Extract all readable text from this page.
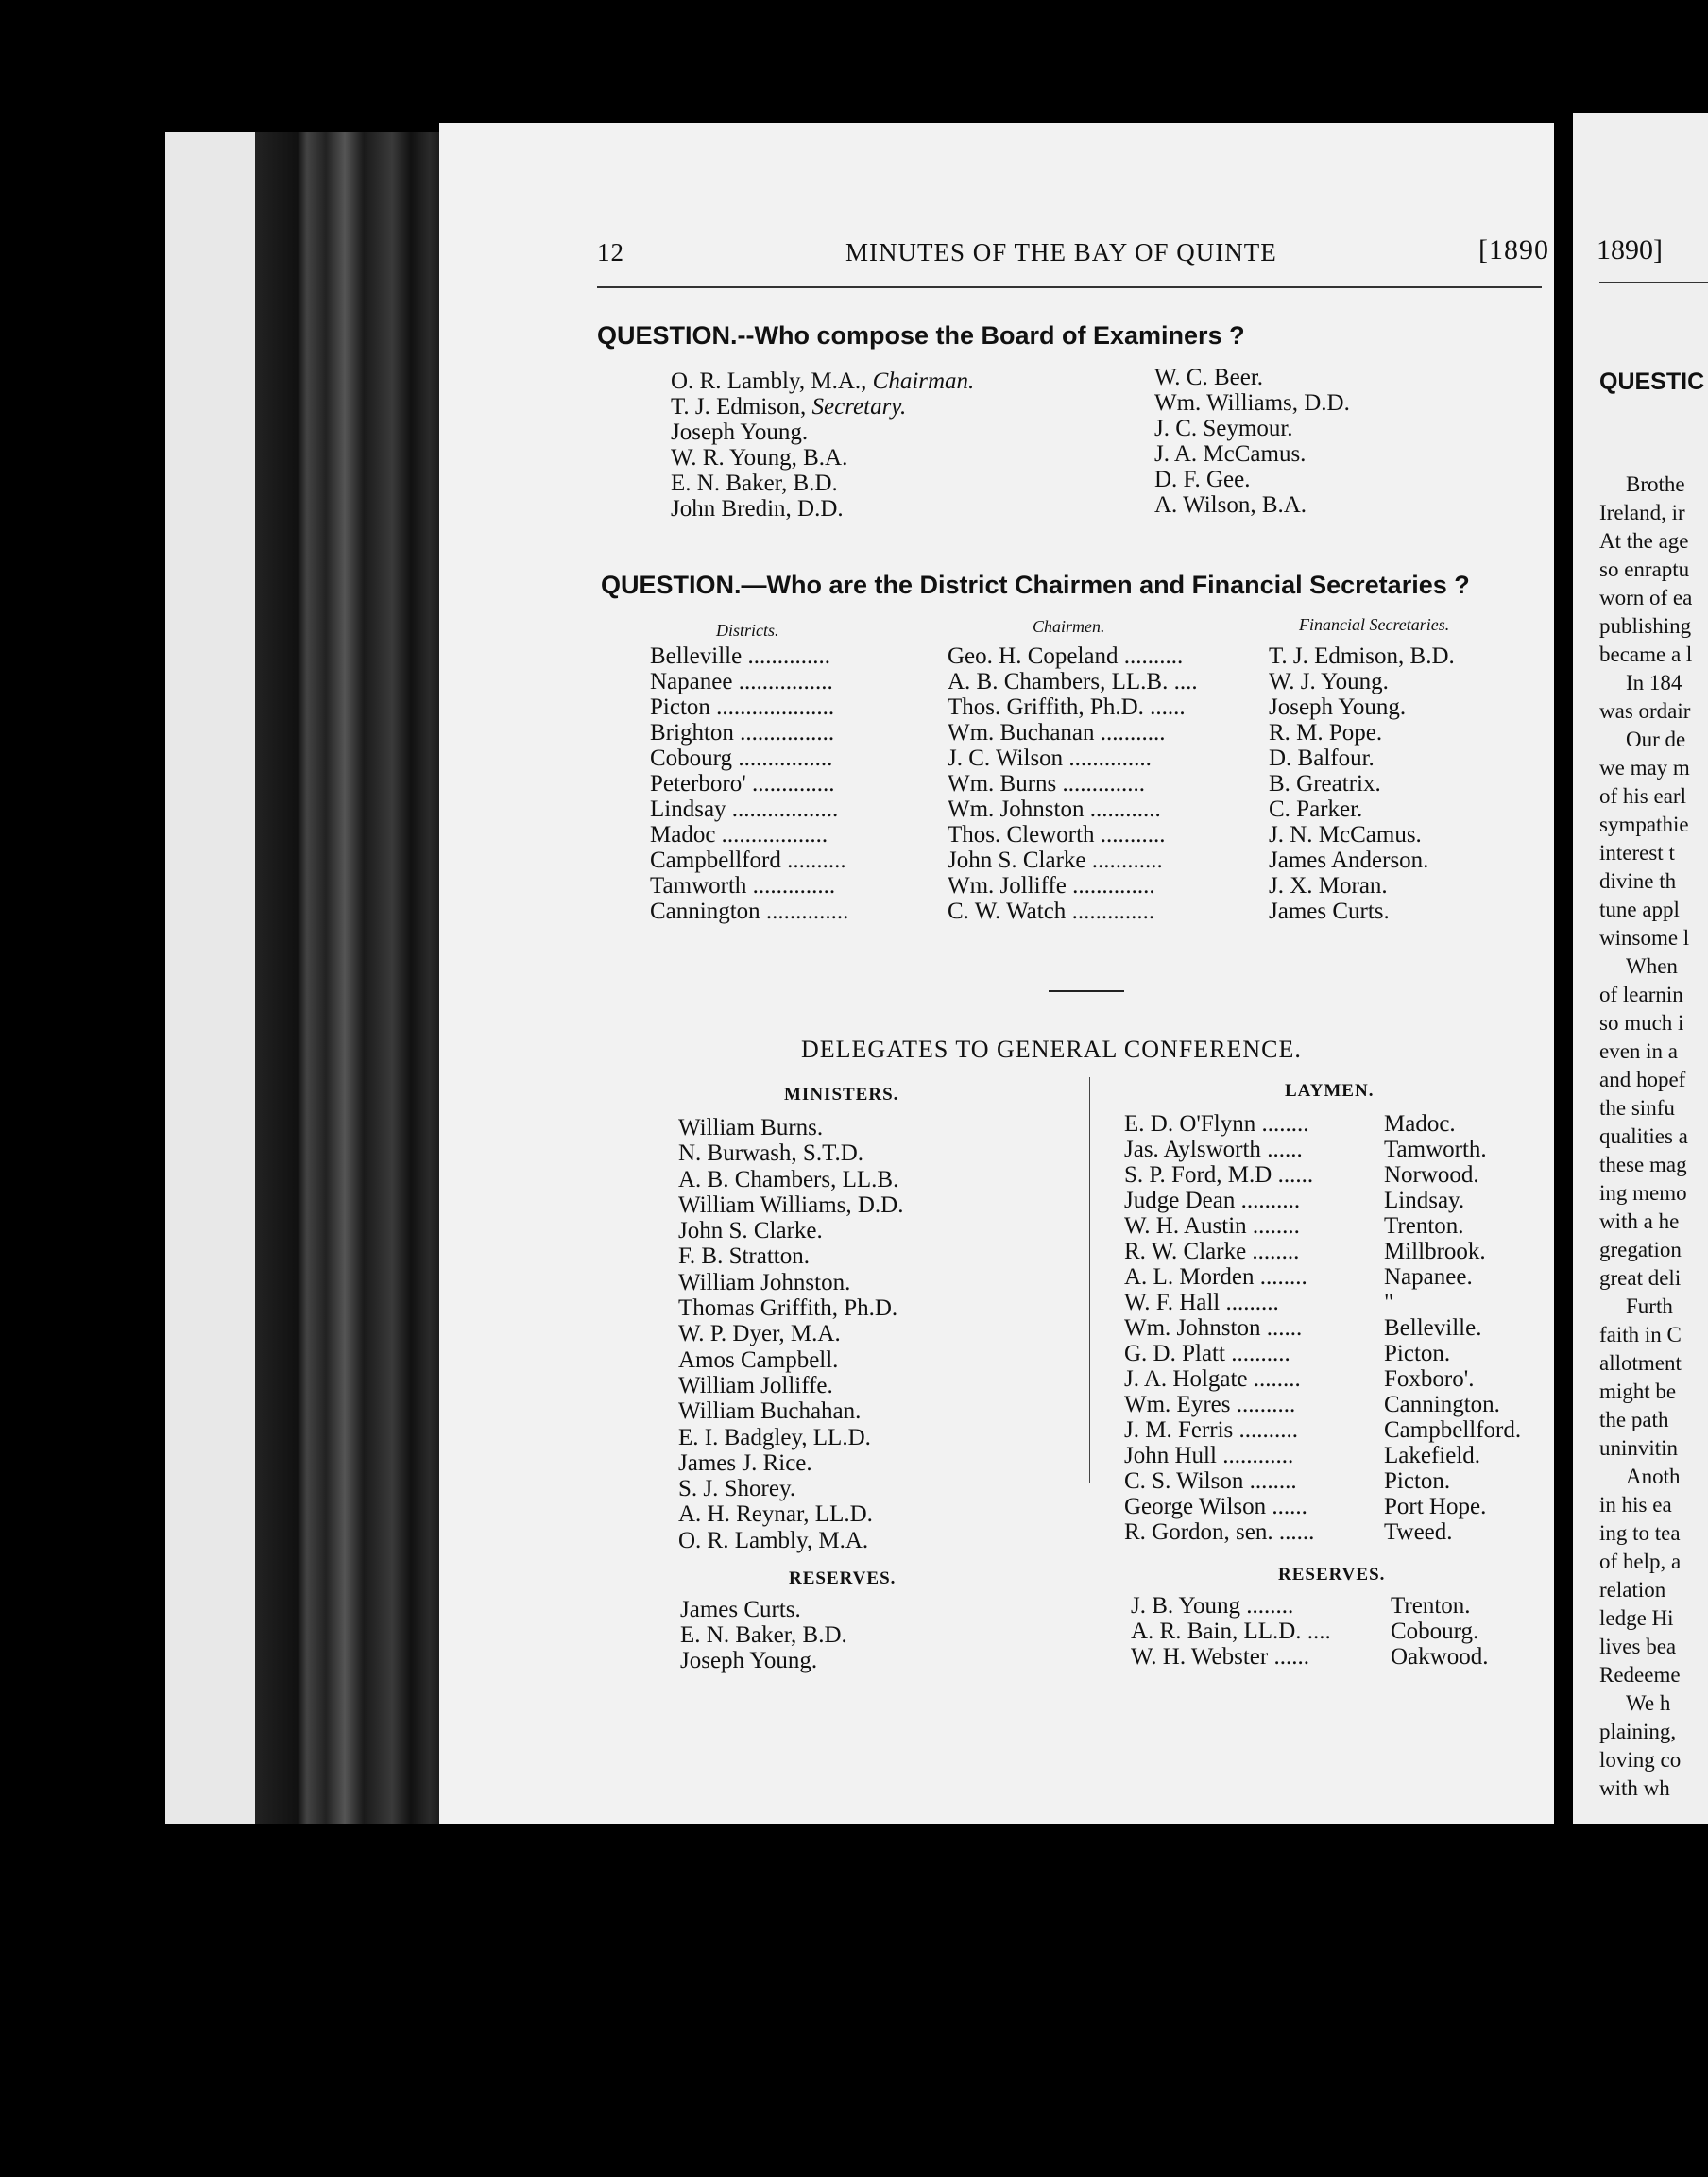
12	MINUTES OF THE BAY OF QUINTE	[1890
QUESTION.--Who compose the Board of Examiners ?
O. R. Lambly, M.A., Chairman.
T. J. Edmison, Secretary.
Joseph Young.
W. R. Young, B.A.
E. N. Baker, B.D.
John Bredin, D.D.
W. C. Beer.
Wm. Williams, D.D.
J. C. Seymour.
J. A. McCamus.
D. F. Gee.
A. Wilson, B.A.
QUESTION.—Who are the District Chairmen and Financial Secretaries ?
Districts.	Chairmen.	Financial Secretaries.
Belleville ..............	Geo. H. Copeland ..........	T. J. Edmison, B.D.
Napanee ................	A. B. Chambers, LL.B. ....	W. J. Young.
Picton ....................	Thos. Griffith, Ph.D. ......	Joseph Young.
Brighton ................	Wm. Buchanan ...........	R. M. Pope.
Cobourg ................	J. C. Wilson ..............	D. Balfour.
Peterboro' ..............	Wm. Burns ..............	B. Greatrix.
Lindsay ..................	Wm. Johnston ............	C. Parker.
Madoc ..................	Thos. Cleworth ...........	J. N. McCamus.
Campbellford ..........	John S. Clarke ............	James Anderson.
Tamworth ..............	Wm. Jolliffe ..............	J. X. Moran.
Cannington ..............	C. W. Watch ..............	James Curts.
DELEGATES TO GENERAL CONFERENCE.
MINISTERS.	LAYMEN.
William Burns.
N. Burwash, S.T.D.
A. B. Chambers, LL.B.
William Williams, D.D.
John S. Clarke.
F. B. Stratton.
William Johnston.
Thomas Griffith, Ph.D.
W. P. Dyer, M.A.
Amos Campbell.
William Jolliffe.
William Buchahan.
E. I. Badgley, LL.D.
James J. Rice.
S. J. Shorey.
A. H. Reynar, LL.D.
O. R. Lambly, M.A.
E. D. O'Flynn ........	Madoc.
Jas. Aylsworth ......	Tamworth.
S. P. Ford, M.D ......	Norwood.
Judge Dean ..........	Lindsay.
W. H. Austin ........	Trenton.
R. W. Clarke ........	Millbrook.
A. L. Morden ........	Napanee.
W. F. Hall .........	"
Wm. Johnston ......	Belleville.
G. D. Platt ..........	Picton.
J. A. Holgate ........	Foxboro'.
Wm. Eyres ..........	Cannington.
J. M. Ferris ..........	Campbellford.
John Hull ............	Lakefield.
C. S. Wilson ........	Picton.
George Wilson ......	Port Hope.
R. Gordon, sen. ......	Tweed.
RESERVES.	RESERVES.
James Curts.
E. N. Baker, B.D.
Joseph Young.
J. B. Young ........	Trenton.
A. R. Bain, LL.D. ....	Cobourg.
W. H. Webster ......	Oakwood.
1890]
QUESTIC
Brothe
Ireland, ir
At the age
so enraptu
worn of ea
publishing
became a l
In 184
was ordair
Our de
we may m
of his earl
sympathie
interest t
divine th
tune appl
winsome l
When
of learnin
so much i
even in a
and hopef
the sinfu
qualities a
these mag
ing memo
with a he
gregation
great deli
Furth
faith in C
allotment
might be
the path
uninvitin
Anoth
in his ea
ing to tea
of help, a
relation
ledge Hi
lives bea
Redeeme
We h
plaining,
loving co
with wh
